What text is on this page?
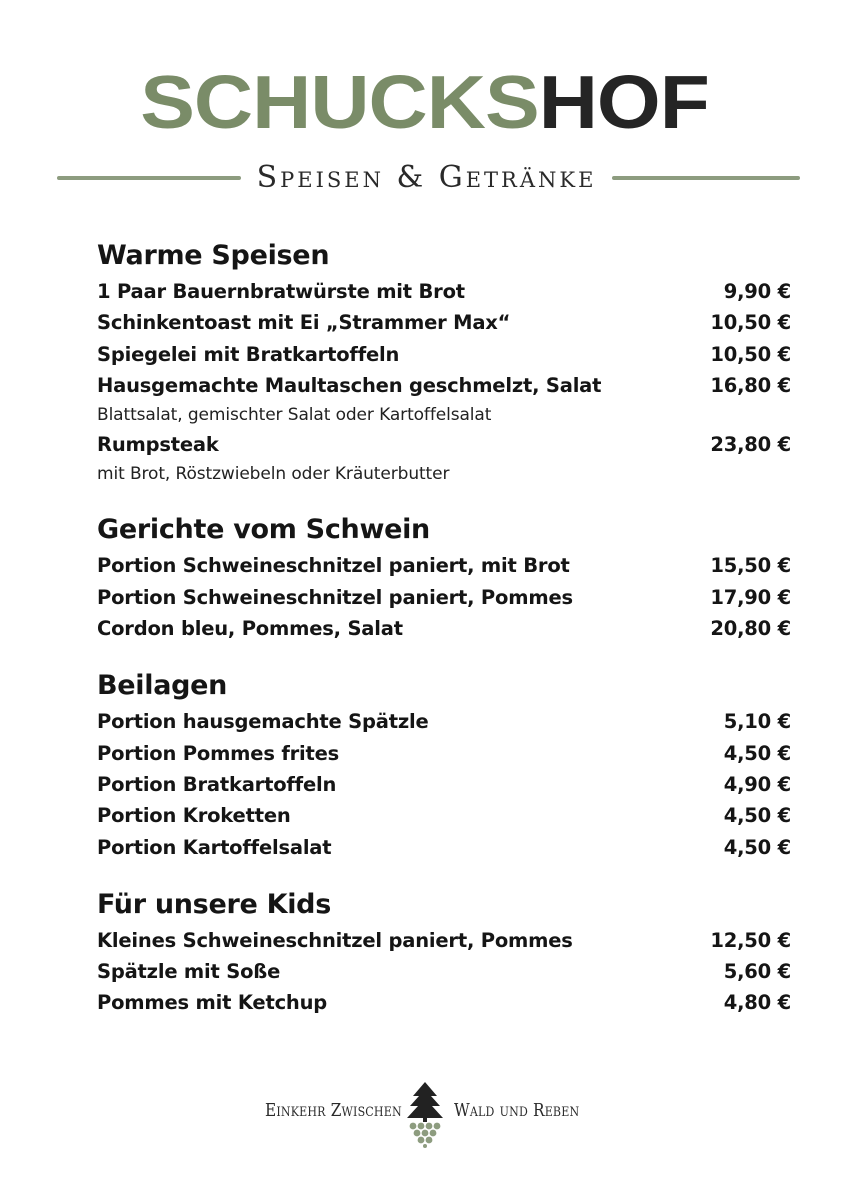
SCHUCKSHOF
Speisen & Getränke
Warme Speisen
1 Paar Bauernbratwürste mit Brot	9,90 €
Schinkentoast mit Ei „Strammer Max“	10,50 €
Spiegelei mit Bratkartoffeln	10,50 €
Hausgemachte Maultaschen geschmelzt, Salat	16,80 €
Blattsalat, gemischter Salat oder Kartoffelsalat
Rumpsteak	23,80 €
mit Brot, Röstzwiebeln oder Kräuterbutter
Gerichte vom Schwein
Portion Schweineschnitzel paniert, mit Brot	15,50 €
Portion Schweineschnitzel paniert, Pommes	17,90 €
Cordon bleu, Pommes, Salat	20,80 €
Beilagen
Portion hausgemachte Spätzle	5,10 €
Portion Pommes frites	4,50 €
Portion Bratkartoffeln	4,90 €
Portion Kroketten	4,50 €
Portion Kartoffelsalat	4,50 €
Für unsere Kids
Kleines Schweineschnitzel paniert, Pommes	12,50 €
Spätzle mit Soße	5,60 €
Pommes mit Ketchup	4,80 €
Einkehr Zwischen	Wald und Reben
